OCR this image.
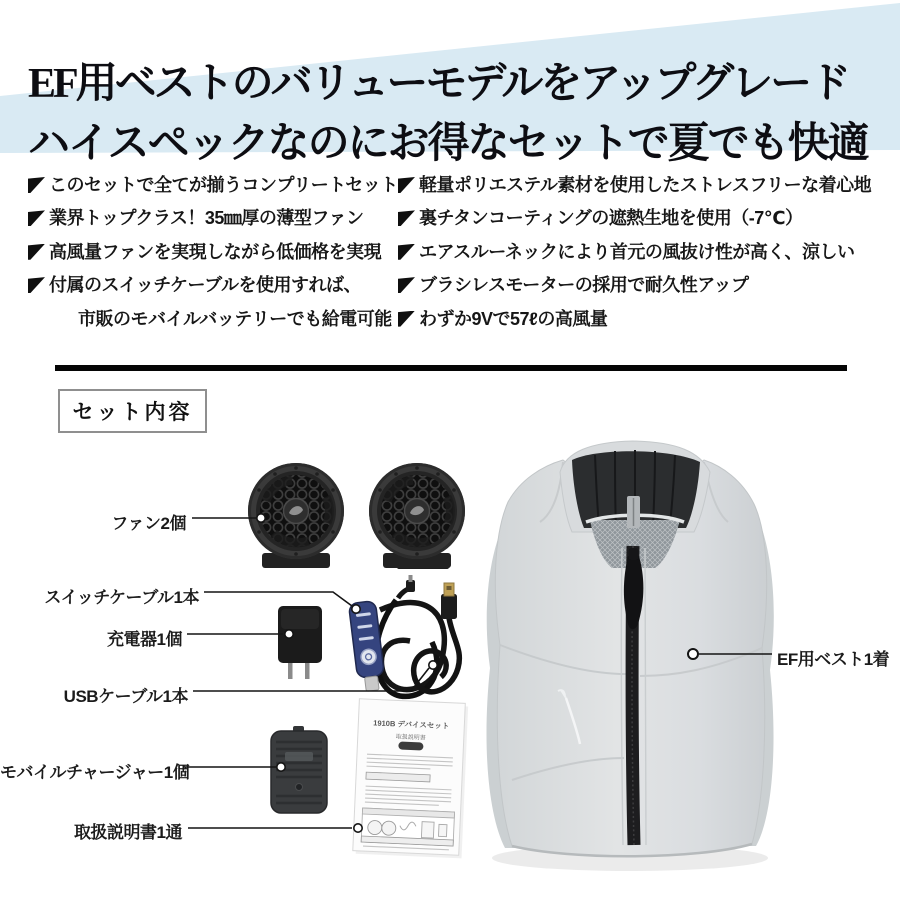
EF用ベストのバリューモデルをアップグレード
ハイスペックなのにお得なセットで夏でも快適
このセットで全てが揃うコンプリートセット
業界トップクラス！35㎜厚の薄型ファン
高風量ファンを実現しながら低価格を実現
付属のスイッチケーブルを使用すれば、
市販のモバイルバッテリーでも給電可能
軽量ポリエステル素材を使用したストレスフリーな着心地
裏チタンコーティングの遮熱生地を使用（-7℃）
エアスルーネックにより首元の風抜け性が高く、涼しい
ブラシレスモーターの採用で耐久性アップ
わずか9Vで57ℓの高風量
セット内容
ファン2個
スイッチケーブル1本
充電器1個
USBケーブル1本
モバイルチャージャー1個
取扱説明書1通
EF用ベスト1着
1910B デバイスセット
取扱説明書
